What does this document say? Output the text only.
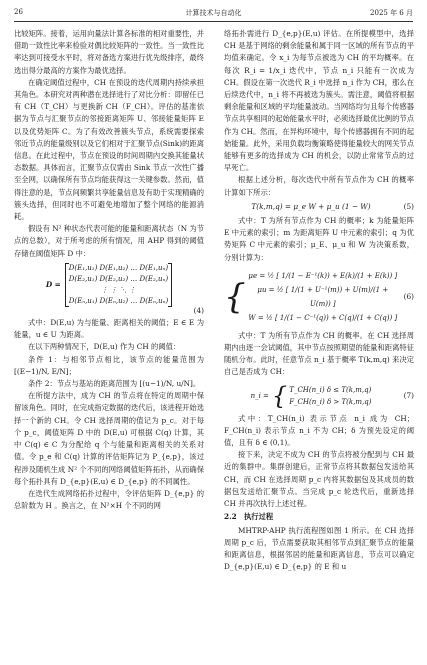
26	计算技术与自动化	2025 年 6 月

比较矩阵。接着，运用向量法计算各标准的相对重要性，并借助一致性比率来检验对偶比较矩阵的一致性。当一致性比率达到可接受水平时，将对备选方案进行优先级排序，最终选出得分最高的方案作为最优选择。

在确定阈值过程中，CH 在预设的迭代周期内持续承担其角色。本研究对两种潜在选择进行了对比分析：即留任已有 CH（T_CH）与更换新 CH（F_CH）。评估的基准依据为节点与汇聚节点的邻接距离矩阵 U、邻接能量矩阵 E 以及优势矩阵 C。为了有效改善簇头节点，系统需要探索邻近节点的能量级别以及它们相对于汇聚节点(Sink)的距离信息。在此过程中，节点在预设的时间周期内交换其能量状态数据。具体而言，汇聚节点仅需由 Sink 节点一次性广播至全网，以确保所有节点均能获得这一关键参数。然而，值得注意的是，节点间频繁共享能量信息及有助于实现精确的簇头选择，但同时也不可避免地增加了整个网络的能源消耗。

假设有 N² 种状态代表可能的能量和距离状态（N 为节点的总数），对于所考虑的所有情况，用 AHP 得到的阈值存储在阈值矩阵 D 中：

D =
D(E₁,u₁) D(E₁,u₂) … D(E₁,uₙ)
D(E₂,u₁) D(E₂,u₂) … D(E₂,uₙ)
⋮ ⋮ ⋱ ⋮
D(Eₙ,u₁) D(Eₙ,u₂) … D(Eₙ,uₙ)
(4)

式中：D(E,u) 为与能量、距离相关的阈值；E ∈ E 为能量，u ∈ U 为距离。

在以下两种情况下，D(E,u) 作为 CH 的阈值：

条件 1：与相邻节点相比，该节点的能量范围为 [(E−1)/N, E/N]；

条件 2：节点与基站的距离范围为 [(u−1)/N, u/N]。

在所提方法中，成为 CH 的节点将在特定的周期中保留该角色。同时，在完成指定数据的迭代后，该进程开始选择一个新的 CH。令 CH 选择周期的值记为 p_c。对于每个 p_c，阈值矩阵 D 中的 D(E,u) 可根据 C(q) 计算，其中 C(q) ∈ C 为分配给 q 个与能量和距离相关的关系对值。令 p_e 和 C(q) 计算的评估矩阵记为 P_{e,p}，该过程涉及随机生成 N² 个不同的网络阈值矩阵拓扑，从而确保每个拓扑具有 D_{e,p}(E,u) ∈ D_{e,p} 的不同属性。

在迭代生成网络拓扑过程中，令评估矩阵 D_{e,p} 的总阶数为 H 。换言之，在 N²×H 个不同的网

络拓扑需进行 D_{e,p}(E,u) 评估。在所提模型中，选择 CH 是基于网络的剩余能量和属于同一区域的所有节点的平均值来确定。令 x_i 为每节点被选为 CH 的平均概率。在每次 R_i = 1/x_i 迭代中，节点 n_i 只能有一次成为 CH。假设在第一次迭代 R_i 中选择 n_i 作为 CH，那么在后续迭代中，n_i 将不再被选为簇头。需注意，阈值将根据剩余能量和区域的平均能量波动。当网络均匀且每个传感器节点共享相同的起始能量水平时，必须选择最优比例的节点作为 CH。然而，在异构环境中，每个传感器拥有不同的起始能量。此外，采用负载均衡策略使得能量较大的网关节点能够有更多的选择成为 CH 的机会，以防止常常节点的过早死亡。

根据上述分析，每次迭代中所有节点作为 CH 的概率计算如下所示：

T(k,m,q) = μ_e W + μ_u (1 − W)	(5)

式中：T 为所有节点作为 CH 的概率；k 为能量矩阵 E 中元素的索引；m 为距离矩阵 U 中元素的索引；q 为优势矩阵 C 中元素的索引；μ_E、μ_u 和 W 为决策系数，分别计算为：

{
μe = ½ [ 1/(1 − E⁻¹(k)) + E(k)/(1 + E(k)) ]
μu = ½ [ 1/(1 + U⁻¹(m)) + U(m)/(1 + U(m)) ]
W = ½ [ 1/(1 − C⁻¹(q)) + C(q)/(1 + C(q)) ]
(6)

式中：T 为所有节点作为 CH 的概率。在 CH 选择周期内由逐一会试阈值，其中节点按照期望的能量和距离特征随机分布。此时，任意节点 n_i 基于概率 T(k,m,q) 来决定自己是否成为 CH：

n_i = { T_CH(n_i) δ ≤ T(k,m,q)
F_CH(n_i) δ > T(k,m,q)
(7)

式中：T_CH(n_i) 表示节点 n_i 成为 CH；F_CH(n_i) 表示节点 n_i 不为 CH；δ 为预先设定的阈值，且有 δ ∈ (0,1)。

接下来，决定不成为 CH 的节点将被分配到与 CH 最近的集群中。集群创建后，正常节点将其数据包发送给其 CH，而 CH 在选择周期 p_c 内将其数据包及其成员的数据包发送给汇聚节点。当完成 p_c 轮迭代后，重新选择 CH 并再次执行上述过程。

2.2　执行过程

MHTRP-AHP 执行流程图如图 1 所示。在 CH 选择周期 p_c 后，节点需要获取其相邻节点到汇聚节点的能量和距离信息，根据邻居的能量和距离信息，节点可以确定 D_{e,p}(E,u) ∈ D_{e,p} 的 E 和 u
